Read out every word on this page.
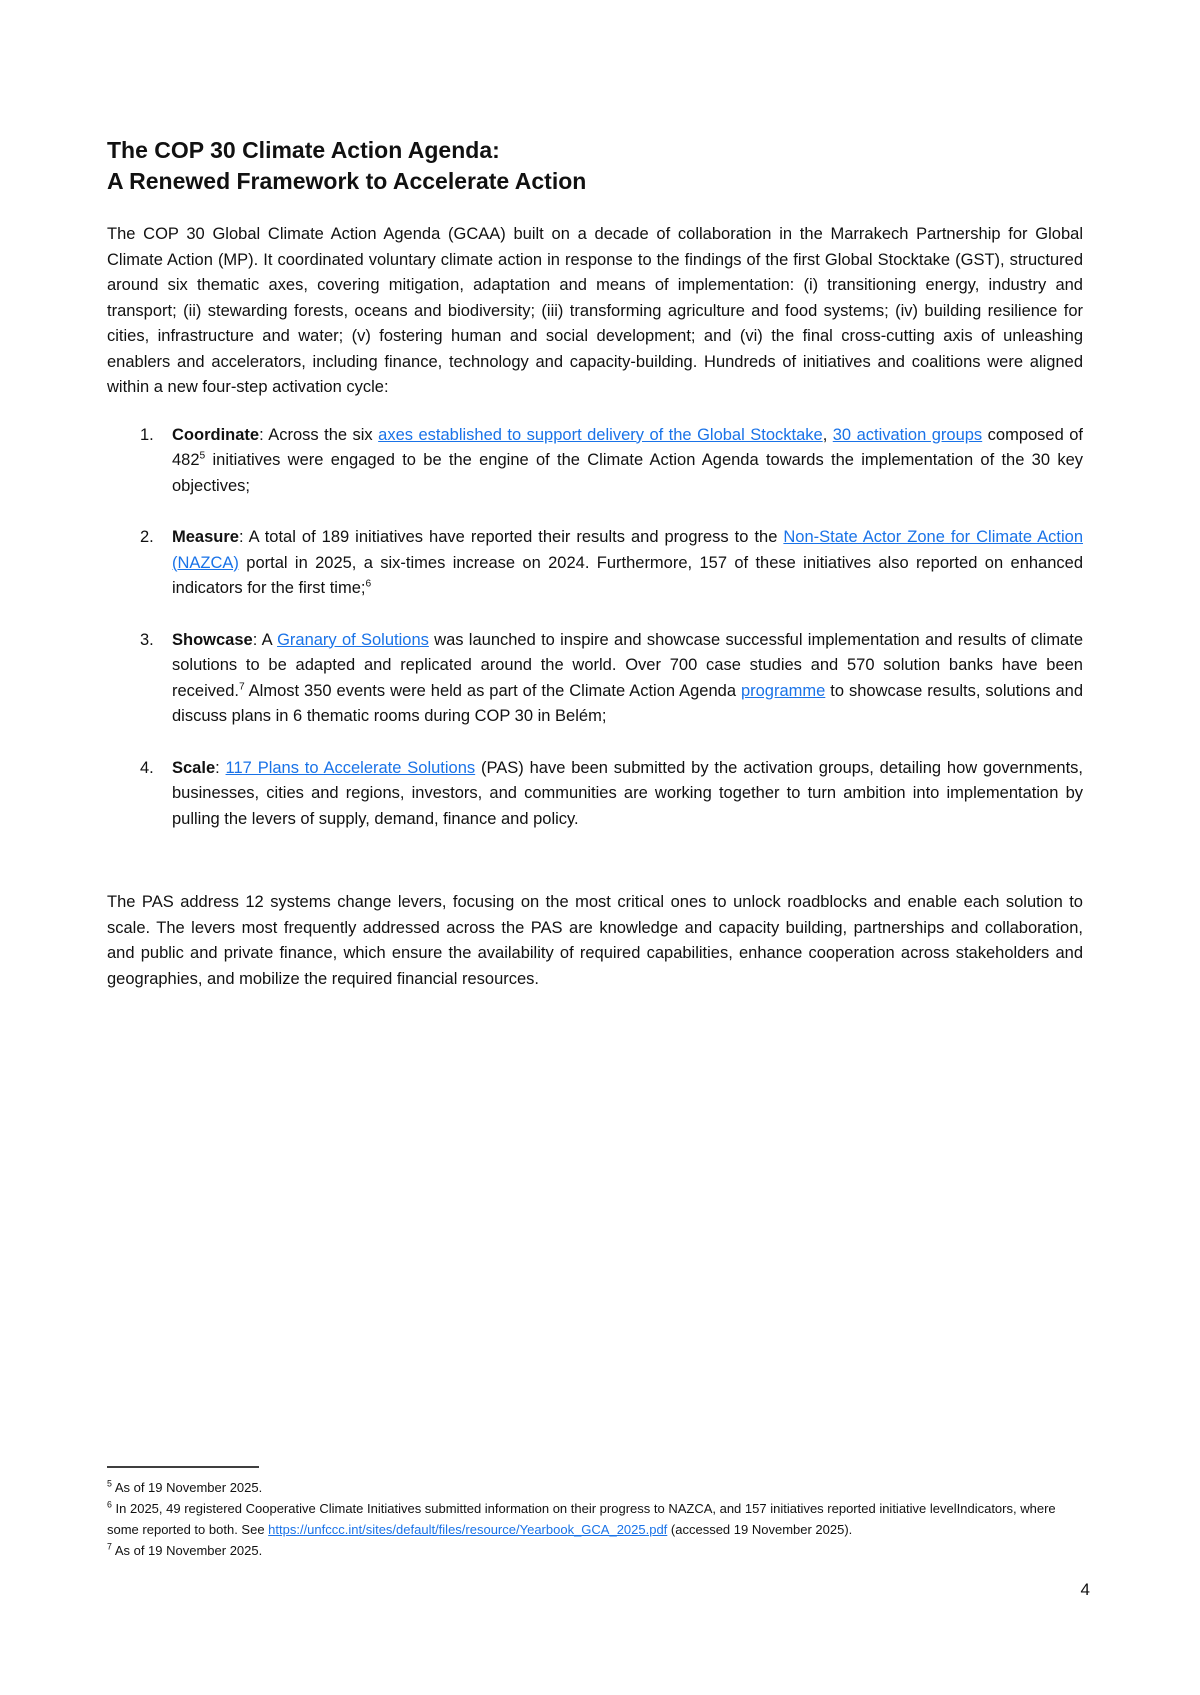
The COP 30 Climate Action Agenda:
A Renewed Framework to Accelerate Action

The COP 30 Global Climate Action Agenda (GCAA) built on a decade of collaboration in the Marrakech Partnership for Global Climate Action (MP). It coordinated voluntary climate action in response to the findings of the first Global Stocktake (GST), structured around six thematic axes, covering mitigation, adaptation and means of implementation: (i) transitioning energy, industry and transport; (ii) stewarding forests, oceans and biodiversity; (iii) transforming agriculture and food systems; (iv) building resilience for cities, infrastructure and water; (v) fostering human and social development; and (vi) the final cross-cutting axis of unleashing enablers and accelerators, including finance, technology and capacity-building. Hundreds of initiatives and coalitions were aligned within a new four-step activation cycle:

1.	Coordinate: Across the six axes established to support delivery of the Global Stocktake, 30 activation groups composed of 482$^5$ initiatives were engaged to be the engine of the Climate Action Agenda towards the implementation of the 30 key objectives;
2.	Measure: A total of 189 initiatives have reported their results and progress to the Non-State Actor Zone for Climate Action (NAZCA) portal in 2025, a six-times increase on 2024. Furthermore, 157 of these initiatives also reported on enhanced indicators for the first time;$^6$
3.	Showcase: A Granary of Solutions was launched to inspire and showcase successful implementation and results of climate solutions to be adapted and replicated around the world. Over 700 case studies and 570 solution banks have been received.$^7$ Almost 350 events were held as part of the Climate Action Agenda programme to showcase results, solutions and discuss plans in 6 thematic rooms during COP 30 in Belém;
4.	Scale: 117 Plans to Accelerate Solutions (PAS) have been submitted by the activation groups, detailing how governments, businesses, cities and regions, investors, and communities are working together to turn ambition into implementation by pulling the levers of supply, demand, finance and policy.

The PAS address 12 systems change levers, focusing on the most critical ones to unlock roadblocks and enable each solution to scale. The levers most frequently addressed across the PAS are knowledge and capacity building, partnerships and collaboration, and public and private finance, which ensure the availability of required capabilities, enhance cooperation across stakeholders and geographies, and mobilize the required financial resources.

$^5$ As of 19 November 2025.
$^6$ In 2025, 49 registered Cooperative Climate Initiatives submitted information on their progress to NAZCA, and 157 initiatives reported initiative levelIndicators, where some reported to both. See https://unfccc.int/sites/default/files/resource/Yearbook_GCA_2025.pdf (accessed 19 November 2025).
$^7$ As of 19 November 2025.
4
